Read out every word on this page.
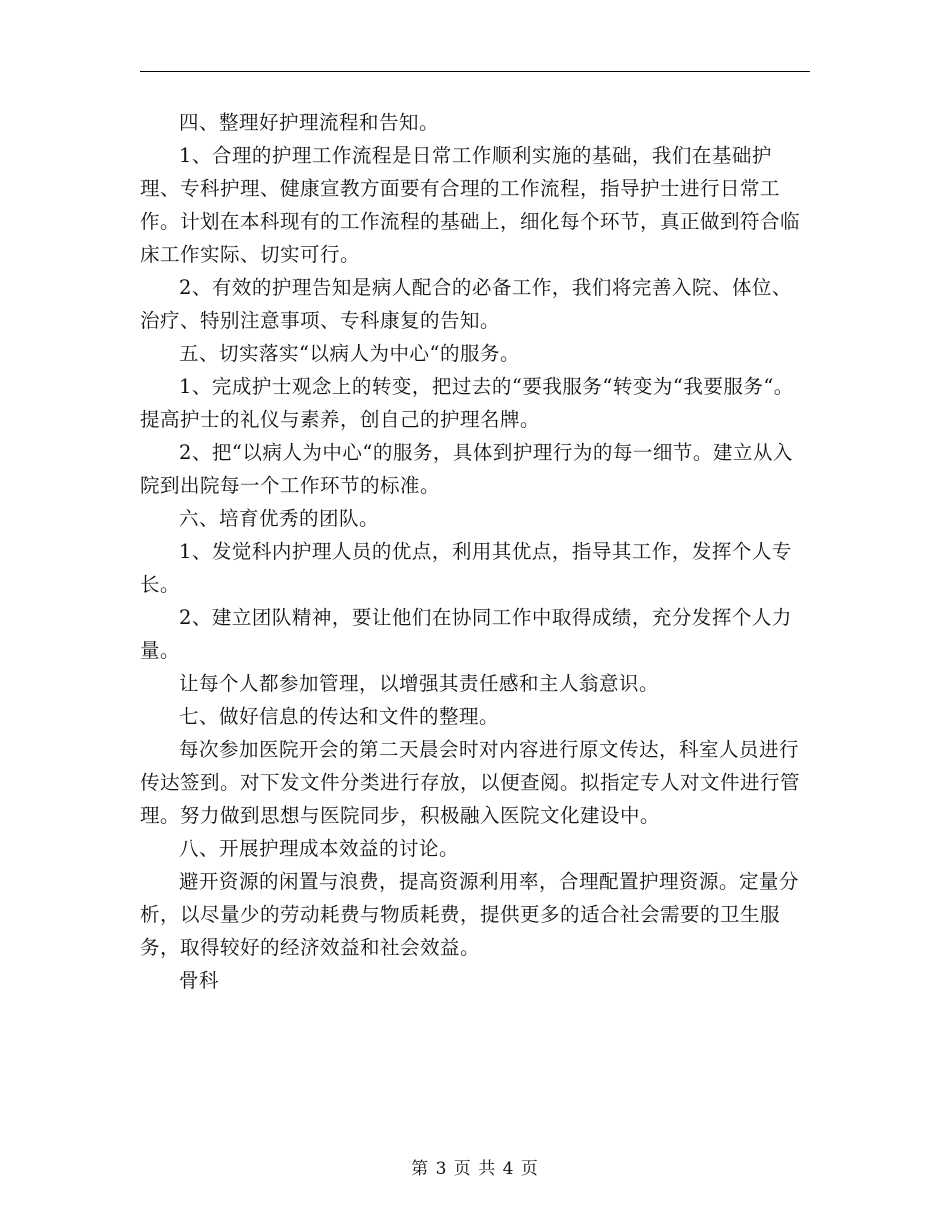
四、整理好护理流程和告知。

1、合理的护理工作流程是日常工作顺利实施的基础，我们在基础护理、专科护理、健康宣教方面要有合理的工作流程，指导护士进行日常工作。计划在本科现有的工作流程的基础上，细化每个环节，真正做到符合临床工作实际、切实可行。

2、有效的护理告知是病人配合的必备工作，我们将完善入院、体位、治疗、特别注意事项、专科康复的告知。

五、切实落实“以病人为中心“的服务。

1、完成护士观念上的转变，把过去的“要我服务“转变为“我要服务“。提高护士的礼仪与素养，创自己的护理名牌。

2、把“以病人为中心“的服务，具体到护理行为的每一细节。建立从入院到出院每一个工作环节的标准。

六、培育优秀的团队。

1、发觉科内护理人员的优点，利用其优点，指导其工作，发挥个人专长。

2、建立团队精神，要让他们在协同工作中取得成绩，充分发挥个人力量。

让每个人都参加管理，以增强其责任感和主人翁意识。

七、做好信息的传达和文件的整理。

每次参加医院开会的第二天晨会时对内容进行原文传达，科室人员进行传达签到。对下发文件分类进行存放，以便查阅。拟指定专人对文件进行管理。努力做到思想与医院同步，积极融入医院文化建设中。

八、开展护理成本效益的讨论。

避开资源的闲置与浪费，提高资源利用率，合理配置护理资源。定量分析，以尽量少的劳动耗费与物质耗费，提供更多的适合社会需要的卫生服务，取得较好的经济效益和社会效益。

骨科

第 3 页 共 4 页
